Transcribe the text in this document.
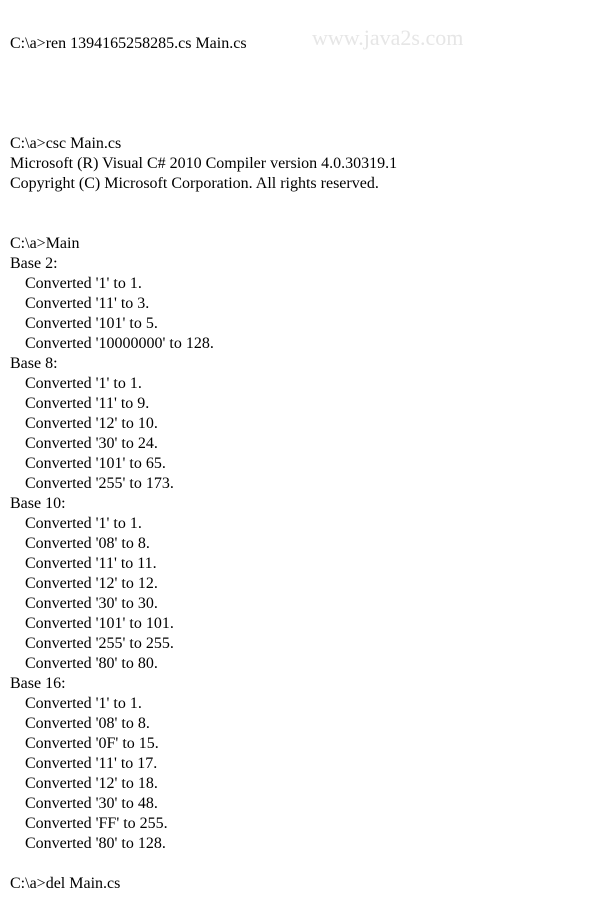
www.java2s.com
C:\a>ren 1394165258285.cs Main.cs
C:\a>csc Main.cs
Microsoft (R) Visual C# 2010 Compiler version 4.0.30319.1
Copyright (C) Microsoft Corporation. All rights reserved.
C:\a>Main
Base 2:
Converted '1' to 1.
Converted '11' to 3.
Converted '101' to 5.
Converted '10000000' to 128.
Base 8:
Converted '1' to 1.
Converted '11' to 9.
Converted '12' to 10.
Converted '30' to 24.
Converted '101' to 65.
Converted '255' to 173.
Base 10:
Converted '1' to 1.
Converted '08' to 8.
Converted '11' to 11.
Converted '12' to 12.
Converted '30' to 30.
Converted '101' to 101.
Converted '255' to 255.
Converted '80' to 80.
Base 16:
Converted '1' to 1.
Converted '08' to 8.
Converted '0F' to 15.
Converted '11' to 17.
Converted '12' to 18.
Converted '30' to 48.
Converted 'FF' to 255.
Converted '80' to 128.
C:\a>del Main.cs
